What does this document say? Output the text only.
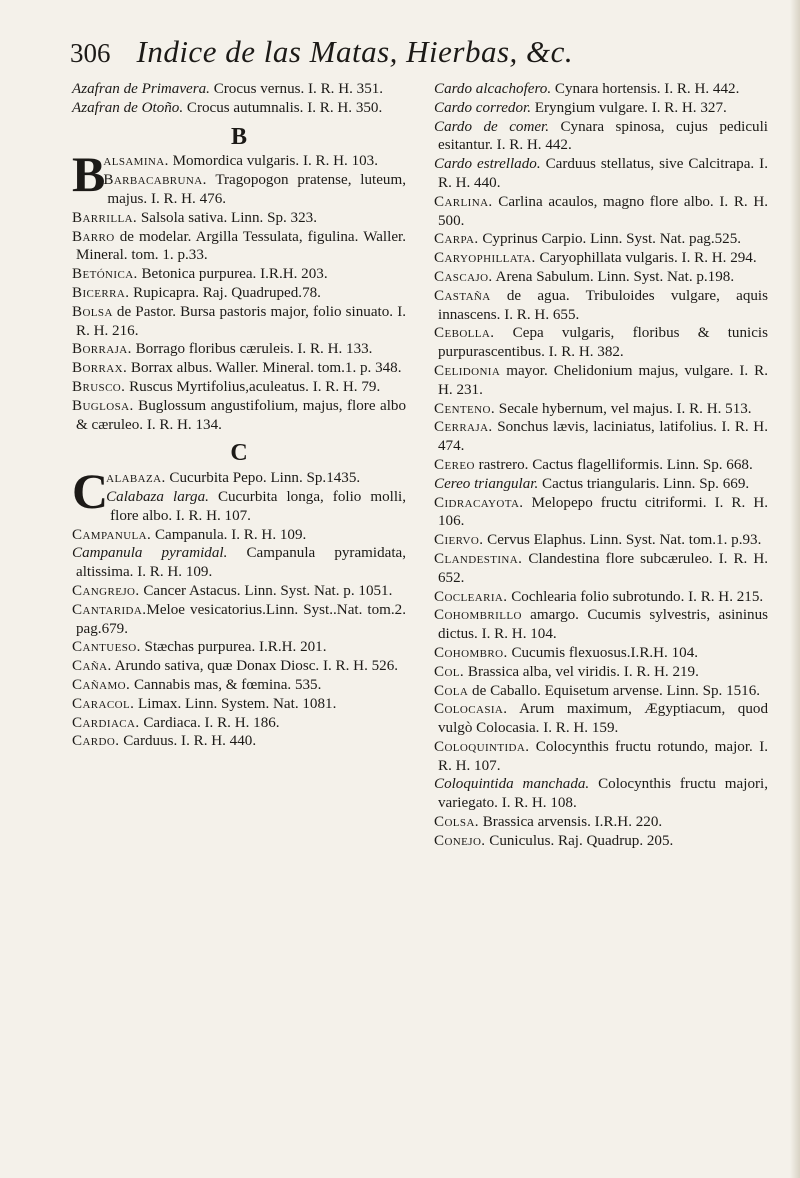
306 Indice de las Matas, Hierbas, &c.

Azafran de Primavera. Crocus vernus. I. R. H. 351.

Azafran de Otoño. Crocus autumnalis. I. R. H. 350.

B
B

alsamina. Momordica vulgaris. I. R. H. 103.

Barbacabruna. Tragopogon pratense, luteum, majus. I. R. H. 476.

Barrilla. Salsola sativa. Linn. Sp. 323.

Barro de modelar. Argilla Tessulata, figulina. Waller. Mineral. tom. 1. p.33.

Betónica. Betonica purpurea. I.R.H. 203.

Bicerra. Rupicapra. Raj. Quadruped.78.

Bolsa de Pastor. Bursa pastoris major, folio sinuato. I. R. H. 216.

Borraja. Borrago floribus cæruleis. I. R. H. 133.

Borrax. Borrax albus. Waller. Mineral. tom.1. p. 348.

Brusco. Ruscus Myrtifolius,aculeatus. I. R. H. 79.

Buglosa. Buglossum angustifolium, majus, flore albo & cæruleo. I. R. H. 134.

C
C

alabaza. Cucurbita Pepo. Linn. Sp.1435.

Calabaza larga. Cucurbita longa, folio molli, flore albo. I. R. H. 107.

Campanula. Campanula. I. R. H. 109.

Campanula pyramidal. Campanula pyramidata, altissima. I. R. H. 109.

Cangrejo. Cancer Astacus. Linn. Syst. Nat. p. 1051.

Cantarida.Meloe vesicatorius.Linn. Syst..Nat. tom.2. pag.679.

Cantueso. Stæchas purpurea. I.R.H. 201.

Caña. Arundo sativa, quæ Donax Diosc. I. R. H. 526.

Cañamo. Cannabis mas, & fœmina. 535.

Caracol. Limax. Linn. System. Nat. 1081.

Cardiaca. Cardiaca. I. R. H. 186.

Cardo. Carduus. I. R. H. 440.

Cardo alcachofero. Cynara hortensis. I. R. H. 442.

Cardo corredor. Eryngium vulgare. I. R. H. 327.

Cardo de comer. Cynara spinosa, cujus pediculi esitantur. I. R. H. 442.

Cardo estrellado. Carduus stellatus, sive Calcitrapa. I. R. H. 440.

Carlina. Carlina acaulos, magno flore albo. I. R. H. 500.

Carpa. Cyprinus Carpio. Linn. Syst. Nat. pag.525.

Caryophillata. Caryophillata vulgaris. I. R. H. 294.

Cascajo. Arena Sabulum. Linn. Syst. Nat. p.198.

Castaña de agua. Tribuloides vulgare, aquis innascens. I. R. H. 655.

Cebolla. Cepa vulgaris, floribus & tunicis purpurascentibus. I. R. H. 382.

Celidonia mayor. Chelidonium majus, vulgare. I. R. H. 231.

Centeno. Secale hybernum, vel majus. I. R. H. 513.

Cerraja. Sonchus lævis, laciniatus, latifolius. I. R. H. 474.

Cereo rastrero. Cactus flagelliformis. Linn. Sp. 668.

Cereo triangular. Cactus triangularis. Linn. Sp. 669.

Cidracayota. Melopepo fructu citriformi. I. R. H. 106.

Ciervo. Cervus Elaphus. Linn. Syst. Nat. tom.1. p.93.

Clandestina. Clandestina flore subcæruleo. I. R. H. 652.

Coclearia. Cochlearia folio subrotundo. I. R. H. 215.

Cohombrillo amargo. Cucumis sylvestris, asininus dictus. I. R. H. 104.

Cohombro. Cucumis flexuosus.I.R.H. 104.

Col. Brassica alba, vel viridis. I. R. H. 219.

Cola de Caballo. Equisetum arvense. Linn. Sp. 1516.

Colocasia. Arum maximum, Ægyptiacum, quod vulgò Colocasia. I. R. H. 159.

Coloquintida. Colocynthis fructu rotundo, major. I. R. H. 107.

Coloquintida manchada. Colocynthis fructu majori, variegato. I. R. H. 108.

Colsa. Brassica arvensis. I.R.H. 220.

Conejo. Cuniculus. Raj. Quadrup. 205.
